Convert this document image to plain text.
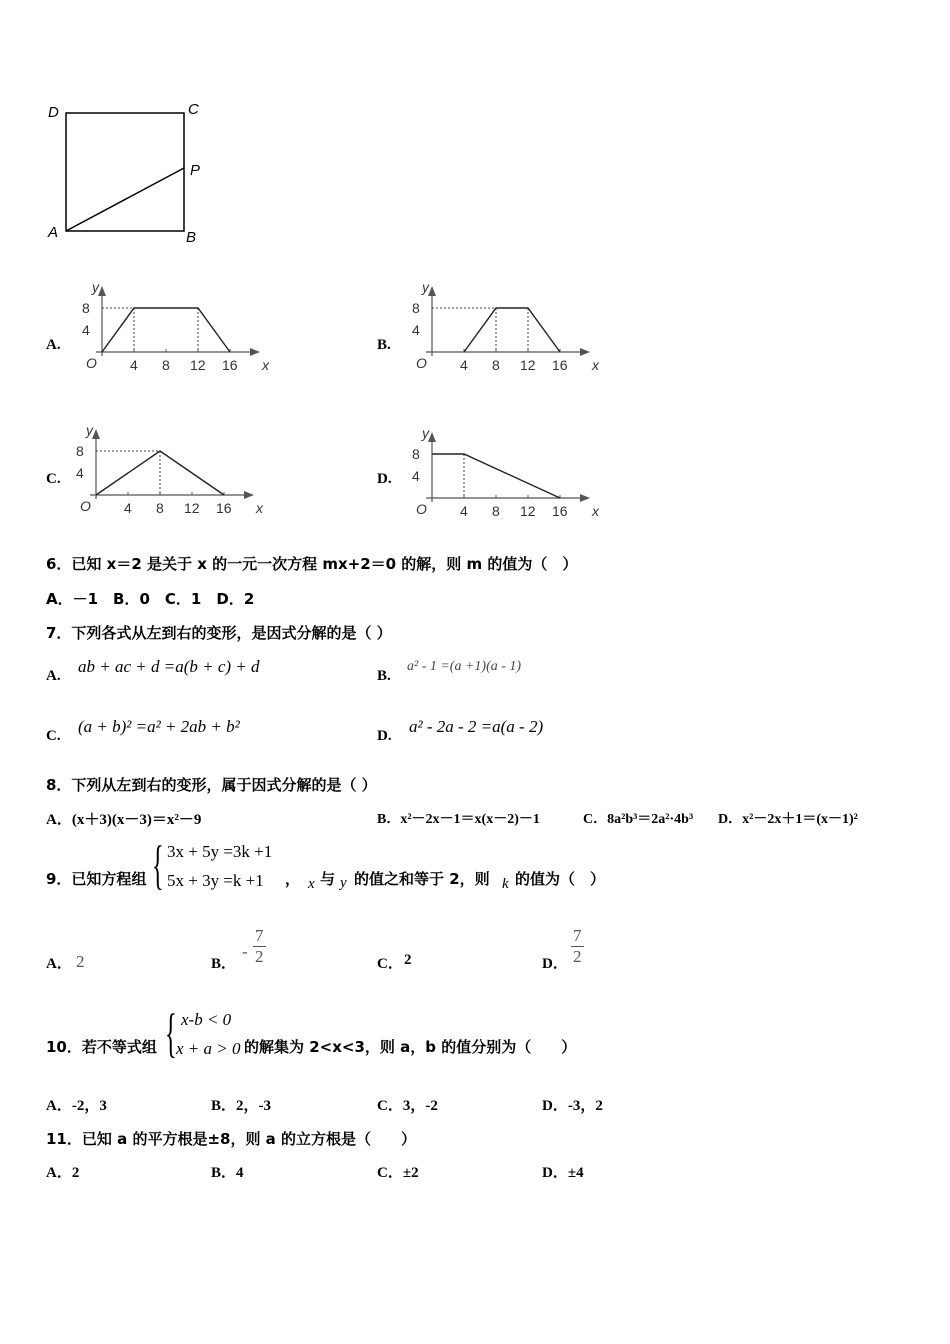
D	C
P
A	B
A.	B.
C.	D.
y
x
O 4 8 12 16
4
8
y
x
O 4 8 12 16
4
8
y
x
O 4 8 12 16
4
8
y
x
O 4 8 12 16
4
8
6．已知 x＝2 是关于 x 的一元一次方程 mx+2＝0 的解，则 m 的值为（　）
A．－1　B．0　C．1　D．2
7．下列各式从左到右的变形，是因式分解的是（ ）
A. ab + ac + d =a(b + c) + d	B.
a² - 1 =(a +1)(a - 1)
C. (a + b)² =a² + 2ab + b²	D. a² - 2a - 2 =a(a - 2)
8．下列从左到右的变形，属于因式分解的是（ ）
A．(x＋3)(x－3)＝x²－9	B．x²－2x－1＝x(x－2)－1	C．8a²b³＝2a²·4b³ D．x²－2x＋1＝(x－1)²
9．已知方程组 { 3x + 5y =3k +1
5x + 3y =k +1 ， x 与 y 的值之和等于 2，则 k 的值为（　）
A． 2	B．
- $\frac{7}{2}$	C． 2	D． $\frac{7}{2}$
10．若不等式组 { x-b < 0
x + a > 0 的解集为 2<x<3，则 a，b 的值分别为（　　）
A．-2，3	B．2，-3	C．3，-2	D．-3，2
11．已知 a 的平方根是±8，则 a 的立方根是（　　）
A．2	B．4	C．±2	D．±4
